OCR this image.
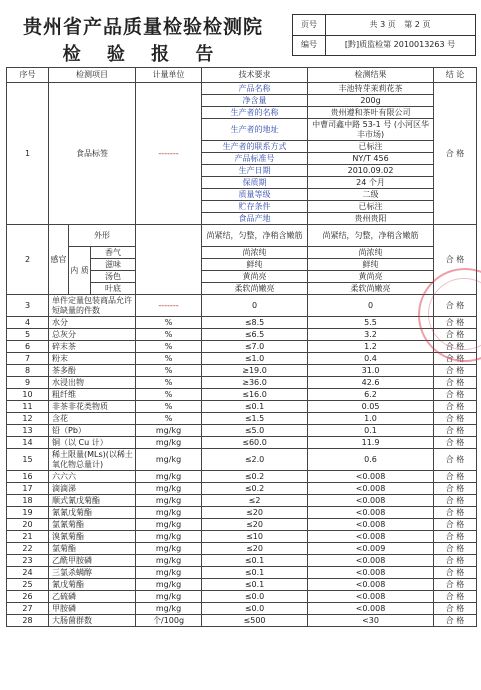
贵州省产品质量检验检测院
检 验 报 告
页号	共 3 页 第 2 页
编号	[黔]质监检第 2010013263 号
序号	检测项目			计量单位	技术要求	检测结果	结 论
1	食品标签			-------	产品名称	丰池特芽茉莉花茶	合 格
					净含量	200g	
					生产者的名称	贵州遵和茶叶有限公司	
					生产者的地址	中曹司鑫中路 53-1 号 (小河区华丰市场)	
					生产者的联系方式	已标注	
					产品标准号	NY/T 456	
					生产日期	2010.09.02	
					保质期	24 个月	
					质量等级	二级	
					贮存条件	已标注	
					食品产地	贵州贵阳	
2	感官	外形			尚紧结，匀整，净稍含嫩筋	尚紧结，匀整，净稍含嫩筋	合 格
		内 质	香气		尚浓纯	尚浓纯	
			滋味		鲜纯	鲜纯	
			汤色		黄尚亮	黄尚亮	
			叶底		柔软尚嫩亮	柔软尚嫩亮	
3	单件定量包装商品允许短缺量的件数			-------	0	0	合 格
4	水分			%	≤8.5	5.5	合 格
5	总灰分			%	≤6.5	3.2	合 格
6	碎末茶			%	≤7.0	1.2	合 格
7	粉末			%	≤1.0	0.4	合 格
8	茶多酚			%	≥19.0	31.0	合 格
9	水浸出物			%	≥36.0	42.6	合 格
10	粗纤维			%	≤16.0	6.2	合 格
11	非茶非花类物质			%	≤0.1	0.05	合 格
12	含花			%	≤1.5	1.0	合 格
13	铅（Pb）			mg/kg	≤5.0	0.1	合 格
14	铜（以 Cu 计）			mg/kg	≤60.0	11.9	合 格
15	稀土限量(MLs)(以稀土氧化物总量计)			mg/kg	≤2.0	0.6	合 格
16	六六六			mg/kg	≤0.2	<0.008	合 格
17	滴滴涕			mg/kg	≤0.2	<0.008	合 格
18	顺式氰戊菊酯			mg/kg	≤2	<0.008	合 格
19	氰氰戊菊酯			mg/kg	≤20	<0.008	合 格
20	氯氰菊酯			mg/kg	≤20	<0.008	合 格
21	溴氰菊酯			mg/kg	≤10	<0.008	合 格
22	氯菊酯			mg/kg	≤20	<0.009	合 格
23	乙酰甲胺磷			mg/kg	≤0.1	<0.008	合 格
24	三氯杀螨醇			mg/kg	≤0.1	<0.008	合 格
25	氰戊菊酯			mg/kg	≤0.1	<0.008	合 格
26	乙硫磷			mg/kg	≤0.0	<0.008	合 格
27	甲胺磷			mg/kg	≤0.0	<0.008	合 格
28	大肠菌群数			个/100g	≤500	<30	合 格
